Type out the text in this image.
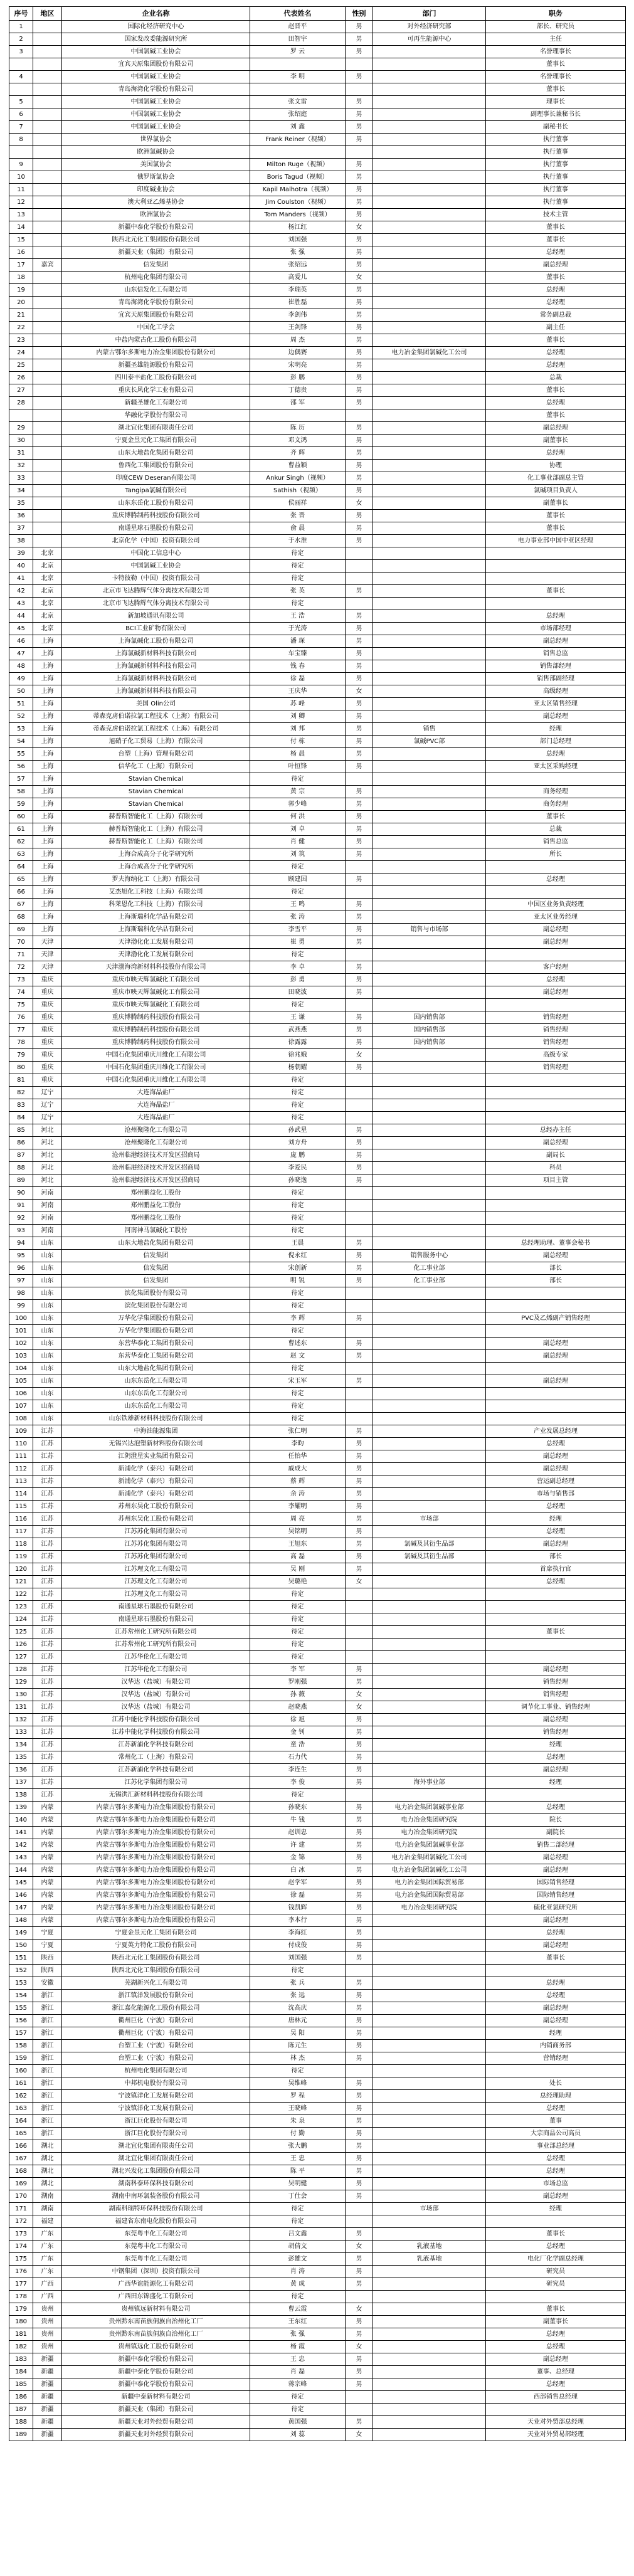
序号	地区	企业名称	代表姓名	性别	部门	职务
1		国际化经济研究中心	赵晋平	男	对外经济研究部	部长、研究员
2		国家发改委能源研究所	田智宇	男	可再生能源中心	主任
3		中国氯碱工业协会	罗 云	男		名誉理事长
		宜宾天原集团股份有限公司				董事长
4		中国氯碱工业协会	李 明	男		名誉理事长
		青岛海湾化学股份有限公司				董事长
5		中国氯碱工业协会	张文雷	男		理事长
6		中国氯碱工业协会	张绍庭	男		副理事长兼秘书长
7		中国氯碱工业协会	刘 鑫	男		副秘书长
8		世界氯协会	Frank Reiner（视频）	男		执行董事
		欧洲氯碱协会				执行董事
9		美国氯协会	Milton Ruge（视频）	男		执行董事
10		俄罗斯氯协会	Boris Tagud（视频）	男		执行董事
11		印度碱业协会	Kapil Malhotra（视频）	男		执行董事
12		澳大利亚乙烯基协会	Jim Coulston（视频）	男		执行董事
13		欧洲氯协会	Tom Manders（视频）	男		技术主管
14		新疆中泰化学股份有限公司	杨江红	女		董事长
15		陕西北元化工集团股份有限公司	刘国强	男		董事长
16		新疆天业（集团）有限公司	张 强	男		总经理
17	嘉宾	信发集团	张绍远	男		副总经理
18		杭州电化集团有限公司	高爱儿	女		董事长
19		山东信发化工有限公司	李瑞英	男		总经理
20		青岛海湾化学股份有限公司	崔胜磊	男		总经理
21		宜宾天原集团股份有限公司	李剑伟	男		常务副总裁
22		中国化工学会	王剑锋	男		副主任
23		中盐内蒙古化工股份有限公司	周 杰	男		董事长
24		内蒙古鄂尔多斯电力冶金集团股份有限公司	边偶赛	男	电力冶金集团氯碱化工公司	总经理
25		新疆圣雄能源股份有限公司	宋明亮	男		总经理
26		四川泰丰盐化工股份有限公司	彭 鹏	男		总裁
27		重庆长风化学工业有限公司	丁德贵	男		董事长
28		新疆圣雄化工有限公司	邵 军	男		总经理
		华融化学股份有限公司				董事长
29		湖北宜化集团有限责任公司	陈 历	男		副总经理
30		宁夏金昱元化工集团有限公司	邓文鸿	男		副董事长
31		山东大地盐化集团有限公司	齐 辉	男		总经理
32		鲁西化工集团股份有限公司	曹益颖	男		协理
33		印度CEW Deseran有限公司	Ankur Singh（视频）	男		化工事业部副总主管
34		Tangipa氯碱有限公司	Sathish（视频）	男		氯碱项目负责人
35		山东东岳化工股份有限公司	侯丽祥	女		副董事长
36		重庆博腾制药科技股份有限公司	张 晋	男		董事长
37		南通星球石墨股份有限公司	俞 晨	男		董事长
38		北京化学（中国）投资有限公司	于水淮	男		电力事业部中国中亚区经理
39	北京	中国化工信息中心	待定			
40	北京	中国氯碱工业协会	待定			
41	北京	卡特彼勒（中国）投资有限公司	待定			
42	北京	北京市飞达腾辉气体分离技术有限公司	张 英	男		董事长
43	北京	北京市飞达腾辉气体分离技术有限公司	待定			
44	北京	新加坡通讯有限公司	王 浩	男		总经理
45	北京	BCI工业矿物有限公司	于光涛	男		市场部经理
46	上海	上海氯碱化工股份有限公司	潘 琛	男		副总经理
47	上海	上海氯碱新材料科技有限公司	车宝臻	男		销售总监
48	上海	上海氯碱新材料科技有限公司	钱 春	男		销售部经理
49	上海	上海氯碱新材料科技有限公司	徐 磊	男		销售部副经理
50	上海	上海氯碱新材料科技有限公司	王庆华	女		高级经理
51	上海	美国 Olin公司	苏 峰	男		亚太区销售经理
52	上海	蒂森克虏伯诺拉氯工程技术（上海）有限公司	刘 卿	男		副总经理
53	上海	蒂森克虏伯诺拉氯工程技术（上海）有限公司	刘 邦	男	销售	经理
54	上海	旭硝子化工贸易（上海）有限公司	付 栋	男	氯碱PVC部	部门总经理
55	上海	台塑（上海）管理有限公司	杨 晨	男		总经理
56	上海	信华化工（上海）有限公司	叶恒锋	男		亚太区采购经理
57	上海	Stavian Chemical	待定			
58	上海	Stavian Chemical	黄 宗	男		商务经理
59	上海	Stavian Chemical	郭少峰	男		商务经理
60	上海	赫普斯智能化工（上海）有限公司	何 洪	男		董事长
61	上海	赫普斯智能化工（上海）有限公司	刘 卓	男		总裁
62	上海	赫普斯智能化工（上海）有限公司	肖 健	男		销售总监
63	上海	上海合成高分子化学研究所	刘 筑	男		所长
64	上海	上海合成高分子化学研究所	待定			
65	上海	罗夫海纳化工（上海）有限公司	顾建国	男		总经理
66	上海	艾杰旭化工科技（上海）有限公司	待定			
67	上海	科莱恩化工科技（上海）有限公司	王 鸣	男		中国区业务负责经理
68	上海	上海斯瑞科化学品有限公司	张 涛	男		亚太区业务经理
69	上海	上海斯瑞科化学品有限公司	李雪平	男	销售与市场部	副总经理
70	天津	天津渤化化工发展有限公司	崔 勇	男		副总经理
71	天津	天津渤化化工发展有限公司	待定			
72	天津	天津渤海湾新材料科技股份有限公司	李 卓	男		客户经理
73	重庆	重庆市映天辉氯碱化工有限公司	彭 勇	男		总经理
74	重庆	重庆市映天辉氯碱化工有限公司	田晓波	男		副总经理
75	重庆	重庆市映天辉氯碱化工有限公司	待定			
76	重庆	重庆博腾制药科技股份有限公司	王 谦	男	国内销售部	销售经理
77	重庆	重庆博腾制药科技股份有限公司	武燕燕	男	国内销售部	销售经理
78	重庆	重庆博腾制药科技股份有限公司	徐露露	男	国内销售部	销售经理
79	重庆	中国石化集团重庆川维化工有限公司	徐兆娥	女		高级专家
80	重庆	中国石化集团重庆川维化工有限公司	杨朝耀	男		销售经理
81	重庆	中国石化集团重庆川维化工有限公司	待定			
82	辽宁	大连海晶盐厂	待定			
83	辽宁	大连海晶盐厂	待定			
84	辽宁	大连海晶盐厂	待定			
85	河北	沧州聚隆化工有限公司	孙武星	男		总经办主任
86	河北	沧州聚隆化工有限公司	刘方舟	男		副总经理
87	河北	沧州临港经济技术开发区招商局	庞 鹏	男		副局长
88	河北	沧州临港经济技术开发区招商局	李爱民	男		科员
89	河北	沧州临港经济技术开发区招商局	孙晓逸	男		项目主管
90	河南	郑州鹏益化工股份	待定			
91	河南	郑州鹏益化工股份	待定			
92	河南	郑州鹏益化工股份	待定			
93	河南	河南神马氯碱化工股份	待定			
94	山东	山东大地盐化集团有限公司	王晨	男		总经理助理、董事会秘书
95	山东	信发集团	倪永红	男	销售服务中心	副总经理
96	山东	信发集团	宋创新	男	化工事业部	部长
97	山东	信发集团	明 锐	男	化工事业部	部长
98	山东	滨化集团股份有限公司	待定			
99	山东	滨化集团股份有限公司	待定			
100	山东	万华化学集团股份有限公司	李 辉	男		PVC及乙烯副产销售经理
101	山东	万华化学集团股份有限公司	待定			
102	山东	东营华泰化工集团有限公司	曹述东	男		副总经理
103	山东	东营华泰化工集团有限公司	赵 文	男		副总经理
104	山东	山东大地盐化集团有限公司	待定			
105	山东	山东东岳化工有限公司	宋玉军	男		副总经理
106	山东	山东东岳化工有限公司	待定			
107	山东	山东东岳化工有限公司	待定			
108	山东	山东铁雄新材料科技股份有限公司	待定			
109	江苏	中海油能源集团	张仁明	男		产业发展总经理
110	江苏	无锡兴达泡塑新材料股份有限公司	李昀	男		总经理
111	江苏	江阴澄星实业集团有限公司	任怡华	男		副总经理
112	江苏	新浦化学（泰兴）有限公司	戚成大	男		副总经理
113	江苏	新浦化学（泰兴）有限公司	蔡 辉	男		营运副总经理
114	江苏	新浦化学（泰兴）有限公司	余 涛	男		市场与销售部
115	江苏	苏州东吴化工股份有限公司	李耀明	男		总经理
116	江苏	苏州东吴化工股份有限公司	周 亮	男	市场部	经理
117	江苏	江苏苏化集团有限公司	吴铭明	男		总经理
118	江苏	江苏苏化集团有限公司	王旭东	男	氯碱及其衍生品部	副总经理
119	江苏	江苏苏化集团有限公司	高 磊	男	氯碱及其衍生品部	部长
120	江苏	江苏理文化工有限公司	吴 刚	男		首席执行官
121	江苏	江苏理文化工有限公司	吴璐艳	女		总经理
122	江苏	江苏理文化工有限公司	待定			
123	江苏	南通星球石墨股份有限公司	待定			
124	江苏	南通星球石墨股份有限公司	待定			
125	江苏	江苏常州化工研究所有限公司	待定			董事长
126	江苏	江苏常州化工研究所有限公司	待定			
127	江苏	江苏华伦化工有限公司	待定			
128	江苏	江苏华伦化工有限公司	李 军	男		副总经理
129	江苏	汉华达（盐城）有限公司	罗刚强	男		销售经理
130	江苏	汉华达（盐城）有限公司	孙 薇	女		销售经理
131	江苏	汉华达（盐城）有限公司	赵晓燕	女		调节化工事业、销售经理
132	江苏	江苏中能化学科技股份有限公司	徐 旭	男		副总经理
133	江苏	江苏中能化学科技股份有限公司	金 钊	男		销售经理
134	江苏	江苏新浦化学科技有限公司	童 浩	男		经理
135	江苏	常州化工（上海）有限公司	石力代	男		总经理
136	江苏	江苏新浦化学科技有限公司	李连生	男		副总经理
137	江苏	江苏化学集团有限公司	李 俊	男	海外事业部	经理
138	江苏	无锡洪汇新材料科技股份有限公司	待定			
139	内蒙	内蒙古鄂尔多斯电力冶金集团股份有限公司	孙晓东	男	电力冶金集团氯碱事业部	总经理
140	内蒙	内蒙古鄂尔多斯电力冶金集团股份有限公司	牛 钱	男	电力冶金集团研究院	院长
141	内蒙	内蒙古鄂尔多斯电力冶金集团股份有限公司	赵训忠	男	电力冶金集团研究院	副院长
142	内蒙	内蒙古鄂尔多斯电力冶金集团股份有限公司	许 建	男	电力冶金集团氯碱事业部	销售二部经理
143	内蒙	内蒙古鄂尔多斯电力冶金集团股份有限公司	金 锦	男	电力冶金集团氯碱化工公司	副总经理
144	内蒙	内蒙古鄂尔多斯电力冶金集团股份有限公司	白 冰	男	电力冶金集团氯碱化工公司	副总经理
145	内蒙	内蒙古鄂尔多斯电力冶金集团股份有限公司	赵学军	男	电力冶金集团国际贸易部	国际销售经理
146	内蒙	内蒙古鄂尔多斯电力冶金集团股份有限公司	徐 磊	男	电力冶金集团国际贸易部	国际销售经理
147	内蒙	内蒙古鄂尔多斯电力冶金集团股份有限公司	钱凯辉	男	电力冶金集团研究院	硫化亚氯研究所
148	内蒙	内蒙古鄂尔多斯电力冶金集团股份有限公司	李本行	男		副总经理
149	宁夏	宁夏金昱元化工集团有限公司	李海红	男		总经理
150	宁夏	宁夏英力特化工股份有限公司	付成俊	男		副总经理
151	陕西	陕西北元化工集团股份有限公司	刘国强	男		董事长
152	陕西	陕西北元化工集团股份有限公司	待定			
153	安徽	芜湖新兴化工有限公司	张 兵	男		总经理
154	浙江	浙江镇洋发展股份有限公司	张 远	男		总经理
155	浙江	浙江嘉化能源化工股份有限公司	沈高庆	男		副总经理
156	浙江	衢州巨化（宁波）有限公司	唐林元	男		副总经理
157	浙江	衢州巨化（宁波）有限公司	吴 阳	男		经理
158	浙江	台塑工业（宁波）有限公司	陈元生	男		内销商务部
159	浙江	台塑工业（宁波）有限公司	林 杰	男		营销经理
160	浙江	杭州电化集团有限公司	待定			
161	浙江	中邦机电股份有限公司	吴维峰	男		处长
162	浙江	宁波镇洋化工发展有限公司	罗 程	男		总经理助理
163	浙江	宁波镇洋化工发展有限公司	王晓峰	男		总经理
164	浙江	浙江巨化股份有限公司	朱 泉	男		董事
165	浙江	浙江巨化股份有限公司	付 勤	男		大宗商品公司高员
166	湖北	湖北宜化集团有限责任公司	张大鹏	男		事业部总经理
167	湖北	湖北宜化集团有限责任公司	王 忠	男		总经理
168	湖北	湖北兴发化工集团股份有限公司	陈 平	男		总经理
169	湖北	湖南科泰环保科技有限公司	吴明健	男		市场总监
170	湖南	湖南中南环氯装备股份有限公司	丁仕会	男		副总经理
171	湖南	湖南科瑞特环保科技股份有限公司	待定		市场部	经理
172	福建	福建省东南电化股份有限公司	待定			
173	广东	东莞粤丰化工有限公司	吕文鑫	男		董事长
174	广东	东莞粤丰化工有限公司	胡倩文	女	乳液基地	总经理
175	广东	东莞粤丰化工有限公司	彭雄文	男	乳液基地	电化厂化学副总经理
176	广东	中钢集团（深圳）投资有限公司	肖 涛	男		研究员
177	广西	广西华谊能源化工有限公司	黄 成	男		研究员
178	广西	广西田东锦盛化工有限公司	待定			
179	贵州	贵州镇远新材料有限公司	曹云霞	女		董事长
180	贵州	贵州黔东南苗族侗族自治州化工厂	王东红	男		副董事长
181	贵州	贵州黔东南苗族侗族自治州化工厂	张 强	男		总经理
182	贵州	贵州镇远化工股份有限公司	杨 霞	女		总经理
183	新疆	新疆中泰化学股份有限公司	王 忠	男		副总经理
184	新疆	新疆中泰化学股份有限公司	肖 磊	男		董事、总经理
185	新疆	新疆中泰化学股份有限公司	蒋宗峰	男		总经理
186	新疆	新疆中泰新材料有限公司	待定			西部销售总经理
187	新疆	新疆天业（集团）有限公司	待定			
188	新疆	新疆天业对外经贸有限公司	黄国强	男		天业对外贸部总经理
189	新疆	新疆天业对外经贸有限公司	刘 蕊	女		天业对外贸易部经理
